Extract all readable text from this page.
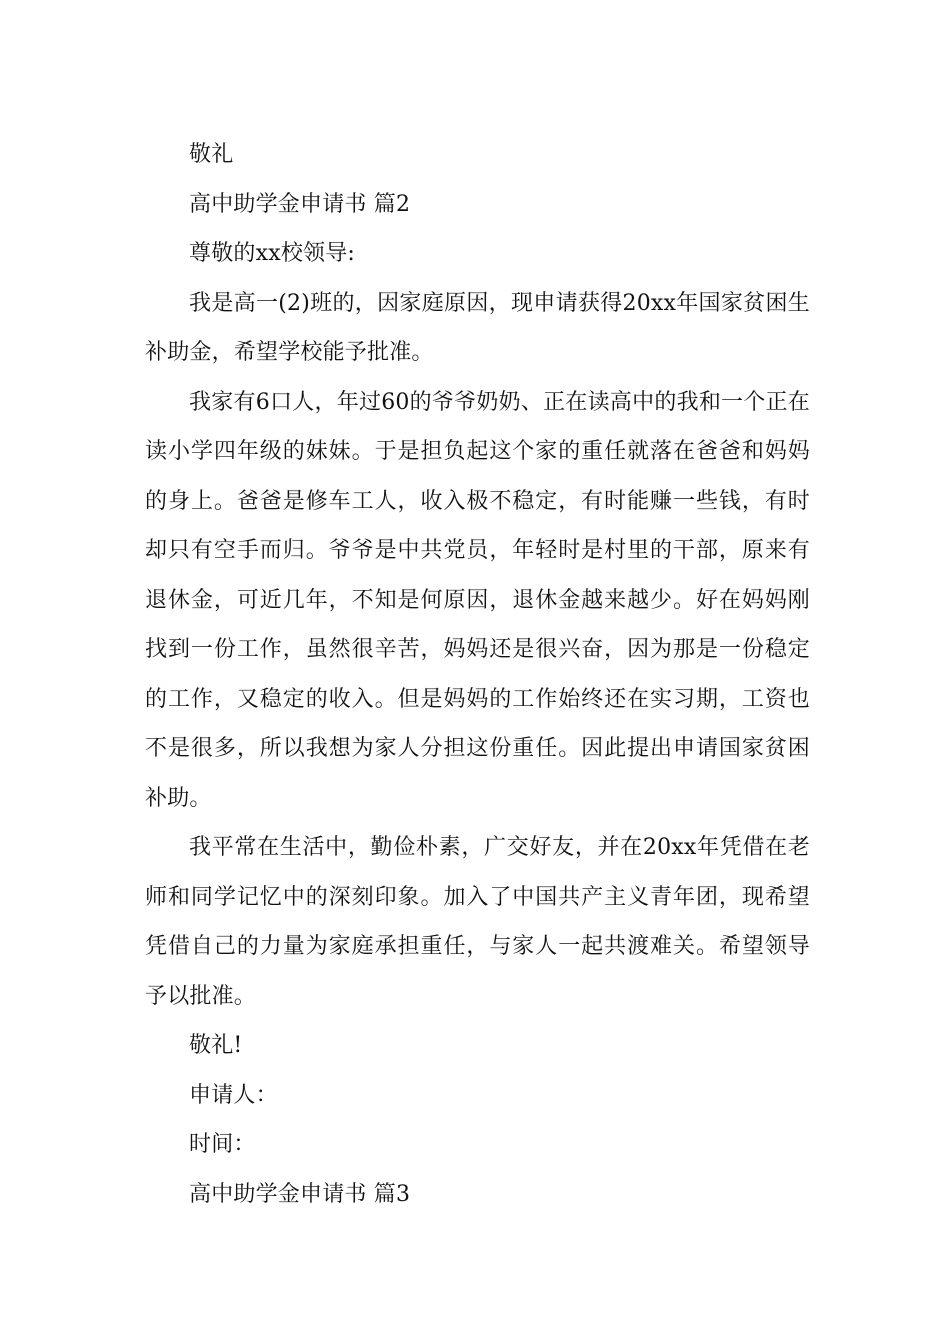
敬礼

高中助学金申请书 篇2

尊敬的xx校领导:

我是高一(2)班的，因家庭原因，现申请获得20xx年国家贫困生补助金，希望学校能予批准。

我家有6口人，年过60的爷爷奶奶、正在读高中的我和一个正在读小学四年级的妹妹。于是担负起这个家的重任就落在爸爸和妈妈的身上。爸爸是修车工人，收入极不稳定，有时能赚一些钱，有时却只有空手而归。爷爷是中共党员，年轻时是村里的干部，原来有退休金，可近几年，不知是何原因，退休金越来越少。好在妈妈刚找到一份工作，虽然很辛苦，妈妈还是很兴奋，因为那是一份稳定的工作，又稳定的收入。但是妈妈的工作始终还在实习期，工资也不是很多，所以我想为家人分担这份重任。因此提出申请国家贫困补助。

我平常在生活中，勤俭朴素，广交好友，并在20xx年凭借在老师和同学记忆中的深刻印象。加入了中国共产主义青年团，现希望凭借自己的力量为家庭承担重任，与家人一起共渡难关。希望领导予以批准。

敬礼!

申请人：

时间：

高中助学金申请书 篇3
